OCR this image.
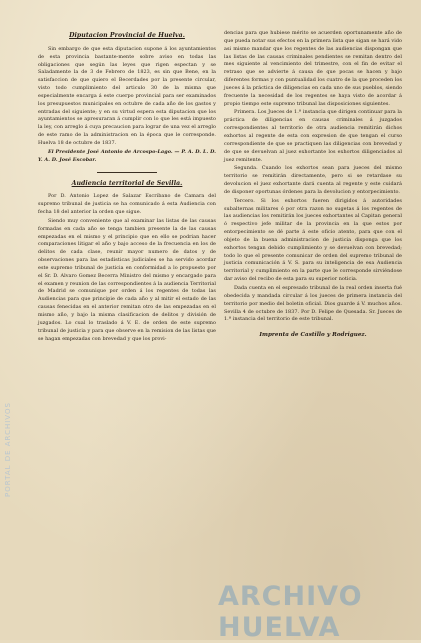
PORTAL DE ARCHIVOS
Diputacion Provincial de Huelva.

Sin embargo de que esta diputacion supone á los ayuntamientos de esta provincia bastante-mente sobre aviso en todas las obligaciones que según las leyes que rigen espectan y se Saladamente la de 3 de Febrero de 1823, es sin que Bene, en la satisfaccion de que quiero el Becerdades por la presente circular, visto todo cumplimiento del articulo 30 de la misma que especialmente encarga á este cuerpo provincial para ser examinados los presupuestos municipales en octubre de cada año de los gastos y entradas del siguiente; y en su virtud espera esta diputacion que los ayuntamientos se apresuraran á cumplir con lo que les está impuesto la ley, con arreglo á cuya precaucion para lograr de una vez el arreglo de este ramo de la administracion en la época que le corresponde. Huelva 18 de octubre de 1837.

El Presidente José Antonio de Arcospo-Lago. — P. A. D. L. D. Y. A. D. José Escobar.

Audiencia territorial de Sevilla.

Por D. Antonio Lopez de Salazar Escribano de Camara del supremo tribunal de justicia se ha comunicado á esta Audiencia con fecha 18 del anterior la orden que sigue.

Siendo muy conveniente que al examinar las listas de las causas formadas en cada año se tenga tambien presente la de las causas empezadas en el mismo y el principio que en ello se podrian hacer comparaciones litigar el año y bajo acceso de la frecuencia en los de delitos de cada clase, reunir mayor numero de datos y de observaciones para las estadisticas judiciales se ha servido acordar este supremo tribunal de justicia en conformidad a lo propuesto por el Sr. D. Alvaro Gomez Becerra Ministro del mismo y encargado para el examen y reunion de las correspondientes á la audiencia Territorial de Madrid se comunique por orden á los regentes de todas las Audiencias para que principie de cada año y al mitir el estado de las causas fenecidas en el anterior remitan otro de las empezadas en el mismo año, y bajo la misma clasificacion de delitos y división de juzgados. Lo cual lo traslado á V. E. de orden de este supremo tribunal de justicia y para que observe en la remision de las listas que se hagan empezadas con brevedad y que los provi-

dencias para que hubiese mérito se acuerden oportunamente año de que pueda notar sus efectos en la primera lista que sigan se hará vido asi mismo mandar que los regentes de las audiencias dispongan que las listas de las causas criminales pendientes se remitan dentro del mes siguiente al vencimiento del trimestre, con el fin de evitar el retraso que se advierte á causa de que pocas se hacen y bajo diferentes formas y con puntualidad los cuatro de la que proceden los jueces á la práctica de diligencias en cada uno de sus pueblos, siendo frecuente la necesidad de los regentes se haya visto de acordar á propio tiempo este supremo tribunal las disposiciones siguientes.

Primera. Los Jueces de 1.ª instancia que dirigen continuar para la práctica de diligencias en causas criminales á juzgados correspondientes al territorio de otra audiencia remitirán dichos exhortos al regente de esta con expresion de que tengan el curso correspondiente de que se practiquen las diligencias con brevedad y de que se devuelvan al juez exhortante los exhortos diligenciados al juez remitente.

Segunda. Cuando los exhortos sean para jueces del mismo territorio se remitirán directamente, pero si se retardase su devolucion el juez exhortante dará cuenta al regente y este cuidará de disponer oportunas órdenes para la devolucion y entorpecimiento.

Tercero. Si los exhortos fueren dirigidos á autoridades subalternas militares ó por otra razon no sugetas á los regentes de las audiencias los remitirán los jueces exhortantes al Capitan general ó respectivo jefe militar de la provincia en la que estos por entorpecimiento se dé parte á este oficio atento, para que con el objeto de la buena administracion de justicia disponga que los exhortos tengan debido cumplimiento y se devuelvan con brevedad; todo lo que el presente comunicar de orden del supremo tribunal de justicia comunicación á V. S. para su inteligencia de esa Audiencia territorial y cumplimiento en la parte que le corresponde sirviéndose dar aviso del recibo de esta para su superior noticia.

Dada cuenta en el espresado tribunal de la real orden inserta fué obedecida y mandada circular á los jueces de primera instancia del territorio por medio del boletin oficial. Dios guarde á V. muchos años. Sevilla 4 de octubre de 1837. Por D. Felipe de Quesada. Sr. Jueces de 1.ª instancia del territorio de este tribunal.

Imprenta de Castillo y Rodriguez.
ARCHIVO HUELVA
